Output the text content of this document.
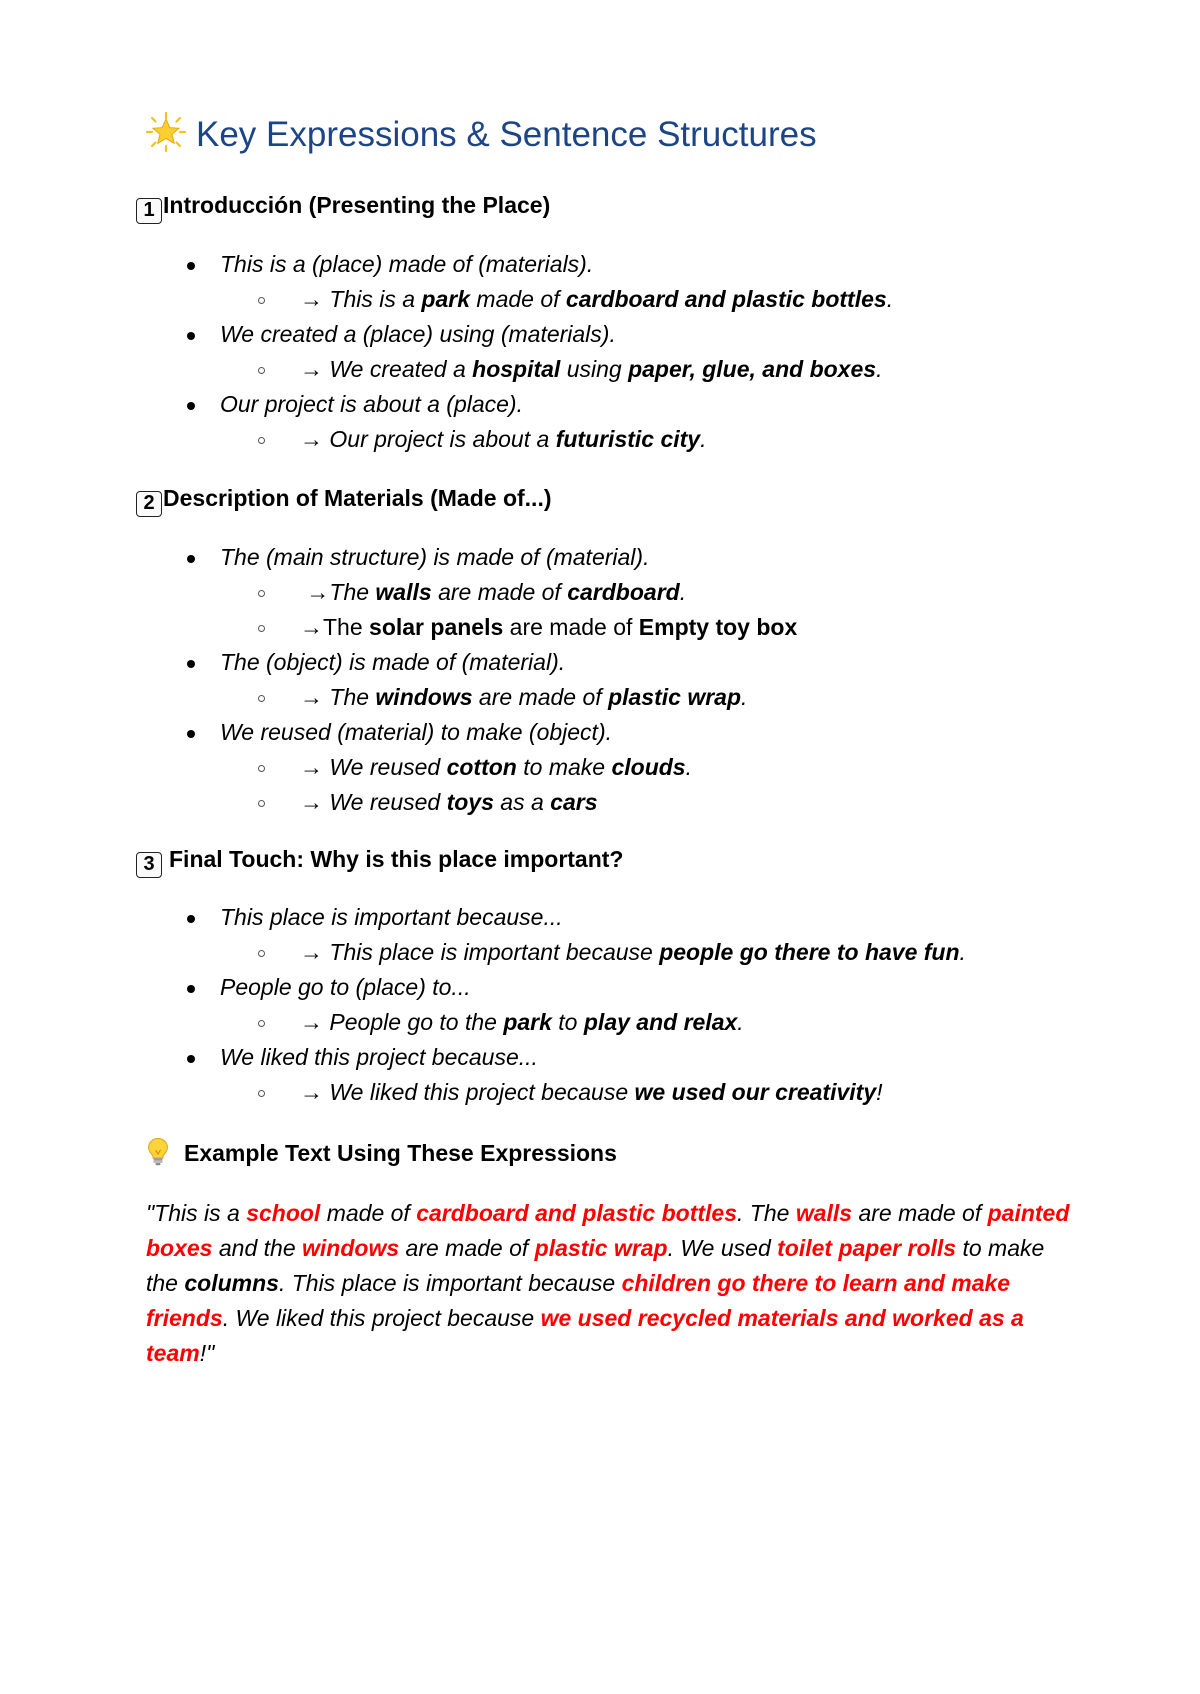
Key Expressions & Sentence Structures
1 Introducción (Presenting the Place)
This is a (place) made of (materials).
→ This is a park made of cardboard and plastic bottles.
We created a (place) using (materials).
→ We created a hospital using paper, glue, and boxes.
Our project is about a (place).
→ Our project is about a futuristic city.
2 Description of Materials (Made of...)
The (main structure) is made of (material).
→The walls are made of cardboard.
→The solar panels are made of Empty toy box
The (object) is made of (material).
→ The windows are made of plastic wrap.
We reused (material) to make (object).
→ We reused cotton to make clouds.
→ We reused toys as a cars
3 Final Touch: Why is this place important?
This place is important because...
→ This place is important because people go there to have fun.
People go to (place) to...
→ People go to the park to play and relax.
We liked this project because...
→ We liked this project because we used our creativity!
Example Text Using These Expressions

"This is a school made of cardboard and plastic bottles. The walls are made of painted boxes and the windows are made of plastic wrap. We used toilet paper rolls to make the columns. This place is important because children go there to learn and make friends. We liked this project because we used recycled materials and worked as a team!"
